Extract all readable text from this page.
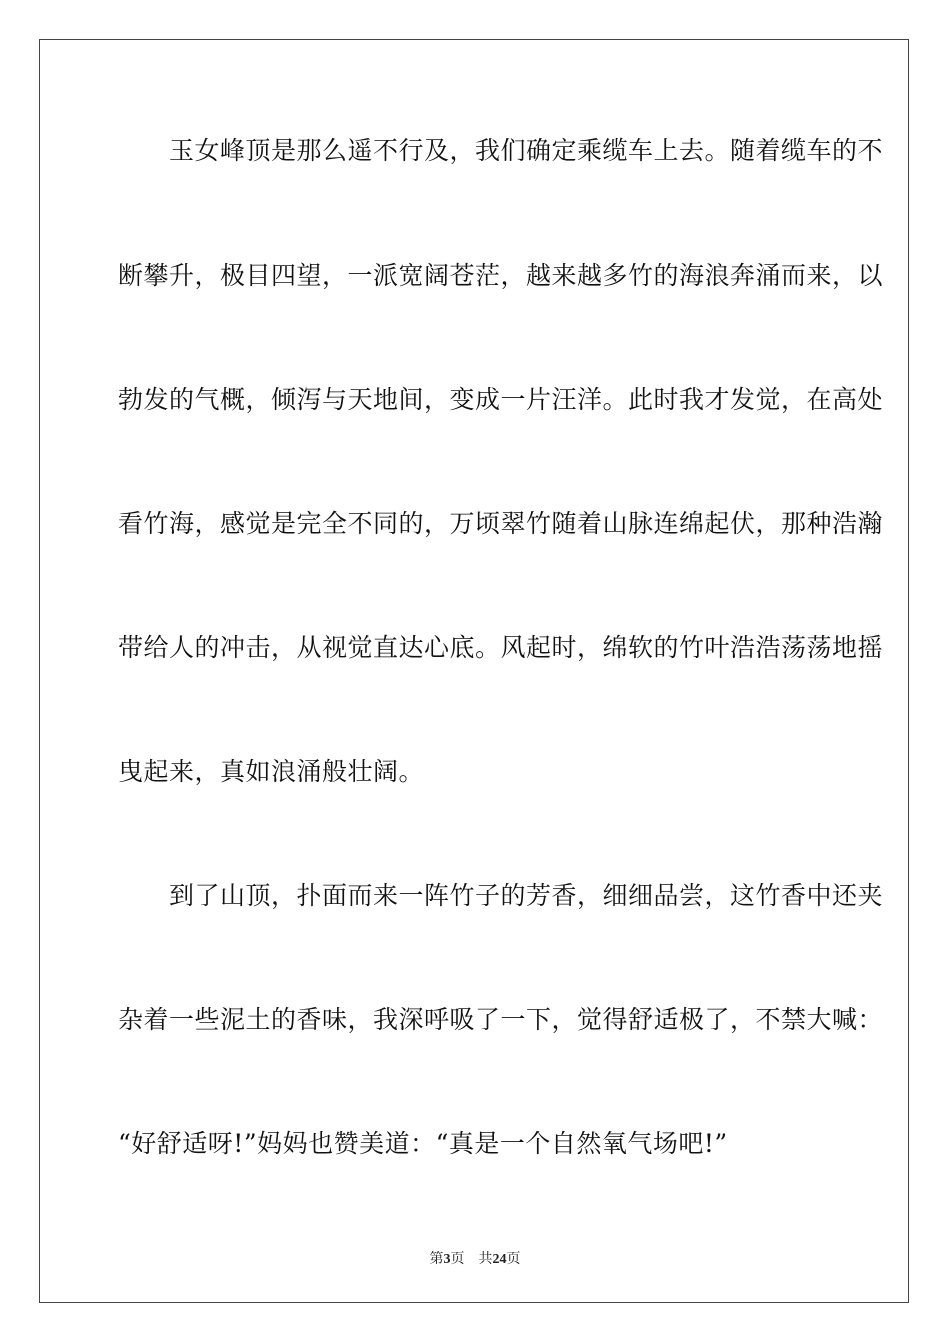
　　玉女峰顶是那么遥不行及，我们确定乘缆车上去。随着缆车的不
断攀升，极目四望，一派宽阔苍茫，越来越多竹的海浪奔涌而来，以
勃发的气概，倾泻与天地间，变成一片汪洋。此时我才发觉，在高处
看竹海，感觉是完全不同的，万顷翠竹随着山脉连绵起伏，那种浩瀚
带给人的冲击，从视觉直达心底。风起时，绵软的竹叶浩浩荡荡地摇
曳起来，真如浪涌般壮阔。
　　到了山顶，扑面而来一阵竹子的芳香，细细品尝，这竹香中还夹
杂着一些泥土的香味，我深呼吸了一下，觉得舒适极了，不禁大喊：
“好舒适呀!”妈妈也赞美道：“真是一个自然氧气场吧!”
第3页 共24页
